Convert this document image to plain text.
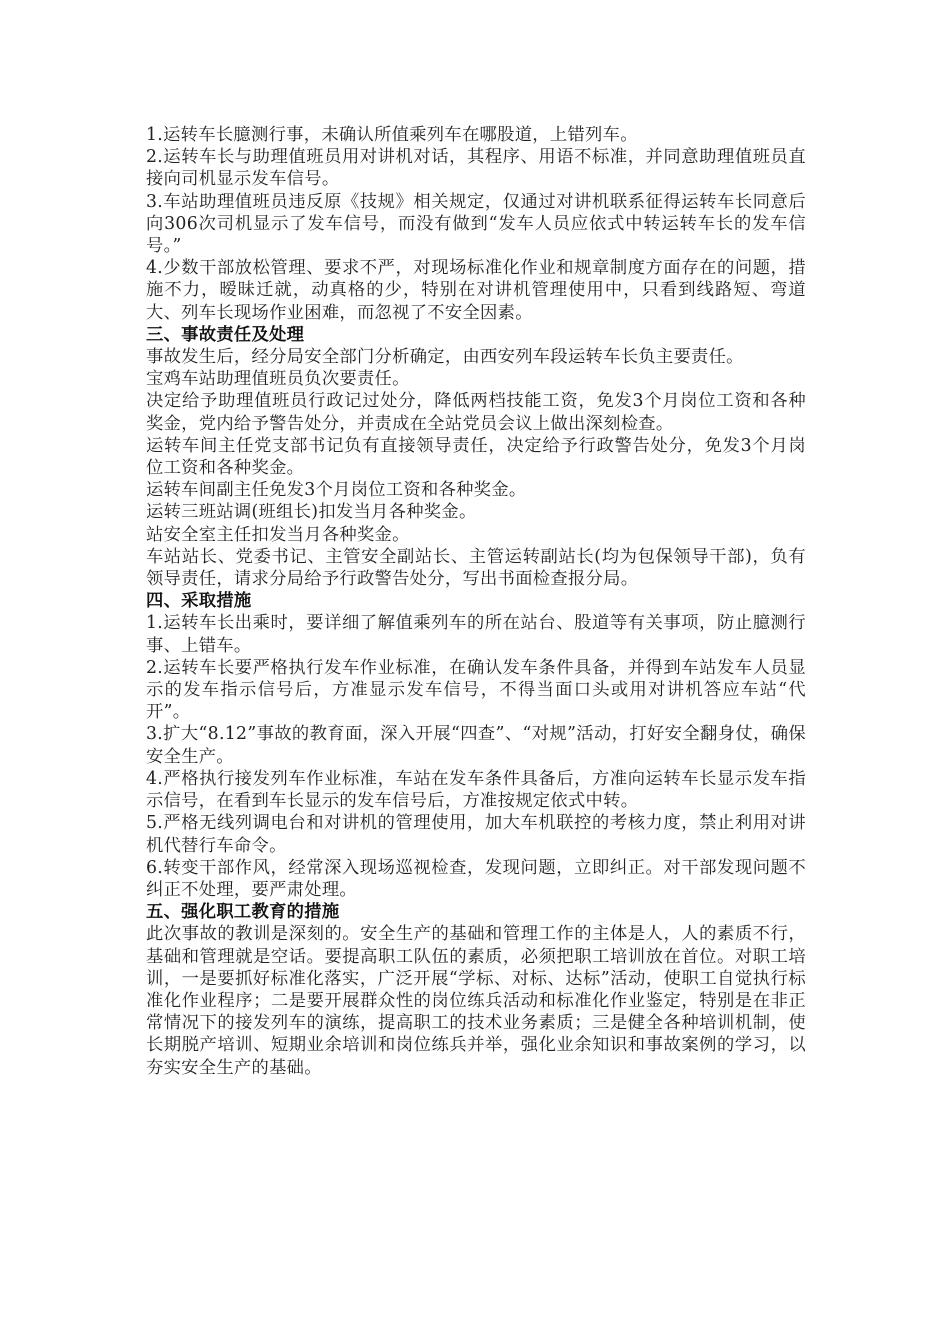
1.运转车长臆测行事，未确认所值乘列车在哪股道，上错列车。

2.运转车长与助理值班员用对讲机对话，其程序、用语不标准，并同意助理值班员直接向司机显示发车信号。

3.车站助理值班员违反原《技规》相关规定，仅通过对讲机联系征得运转车长同意后向306次司机显示了发车信号，而没有做到“发车人员应依式中转运转车长的发车信号。”

4.少数干部放松管理、要求不严，对现场标准化作业和规章制度方面存在的问题，措施不力，暧昧迁就，动真格的少，特别在对讲机管理使用中，只看到线路短、弯道大、列车长现场作业困难，而忽视了不安全因素。

三、事故责任及处理

事故发生后，经分局安全部门分析确定，由西安列车段运转车长负主要责任。

宝鸡车站助理值班员负次要责任。

决定给予助理值班员行政记过处分，降低两档技能工资，免发3个月岗位工资和各种奖金，党内给予警告处分，并责成在全站党员会议上做出深刻检查。

运转车间主任党支部书记负有直接领导责任，决定给予行政警告处分，免发3个月岗位工资和各种奖金。

运转车间副主任免发3个月岗位工资和各种奖金。

运转三班站调(班组长)扣发当月各种奖金。

站安全室主任扣发当月各种奖金。

车站站长、党委书记、主管安全副站长、主管运转副站长(均为包保领导干部)，负有领导责任，请求分局给予行政警告处分，写出书面检查报分局。

四、采取措施

1.运转车长出乘时，要详细了解值乘列车的所在站台、股道等有关事项，防止臆测行事、上错车。

2.运转车长要严格执行发车作业标准，在确认发车条件具备，并得到车站发车人员显示的发车指示信号后，方准显示发车信号，不得当面口头或用对讲机答应车站“代开”。

3.扩大“8.12”事故的教育面，深入开展“四查”、“对规”活动，打好安全翻身仗，确保安全生产。

4.严格执行接发列车作业标准，车站在发车条件具备后，方准向运转车长显示发车指示信号，在看到车长显示的发车信号后，方准按规定依式中转。

5.严格无线列调电台和对讲机的管理使用，加大车机联控的考核力度，禁止利用对讲机代替行车命令。

6.转变干部作风，经常深入现场巡视检查，发现问题，立即纠正。对干部发现问题不纠正不处理，要严肃处理。

五、强化职工教育的措施

此次事故的教训是深刻的。安全生产的基础和管理工作的主体是人，人的素质不行，基础和管理就是空话。要提高职工队伍的素质，必须把职工培训放在首位。对职工培训，一是要抓好标准化落实，广泛开展“学标、对标、达标”活动，使职工自觉执行标准化作业程序；二是要开展群众性的岗位练兵活动和标准化作业鉴定，特别是在非正常情况下的接发列车的演练，提高职工的技术业务素质；三是健全各种培训机制，使长期脱产培训、短期业余培训和岗位练兵并举，强化业余知识和事故案例的学习，以夯实安全生产的基础。
